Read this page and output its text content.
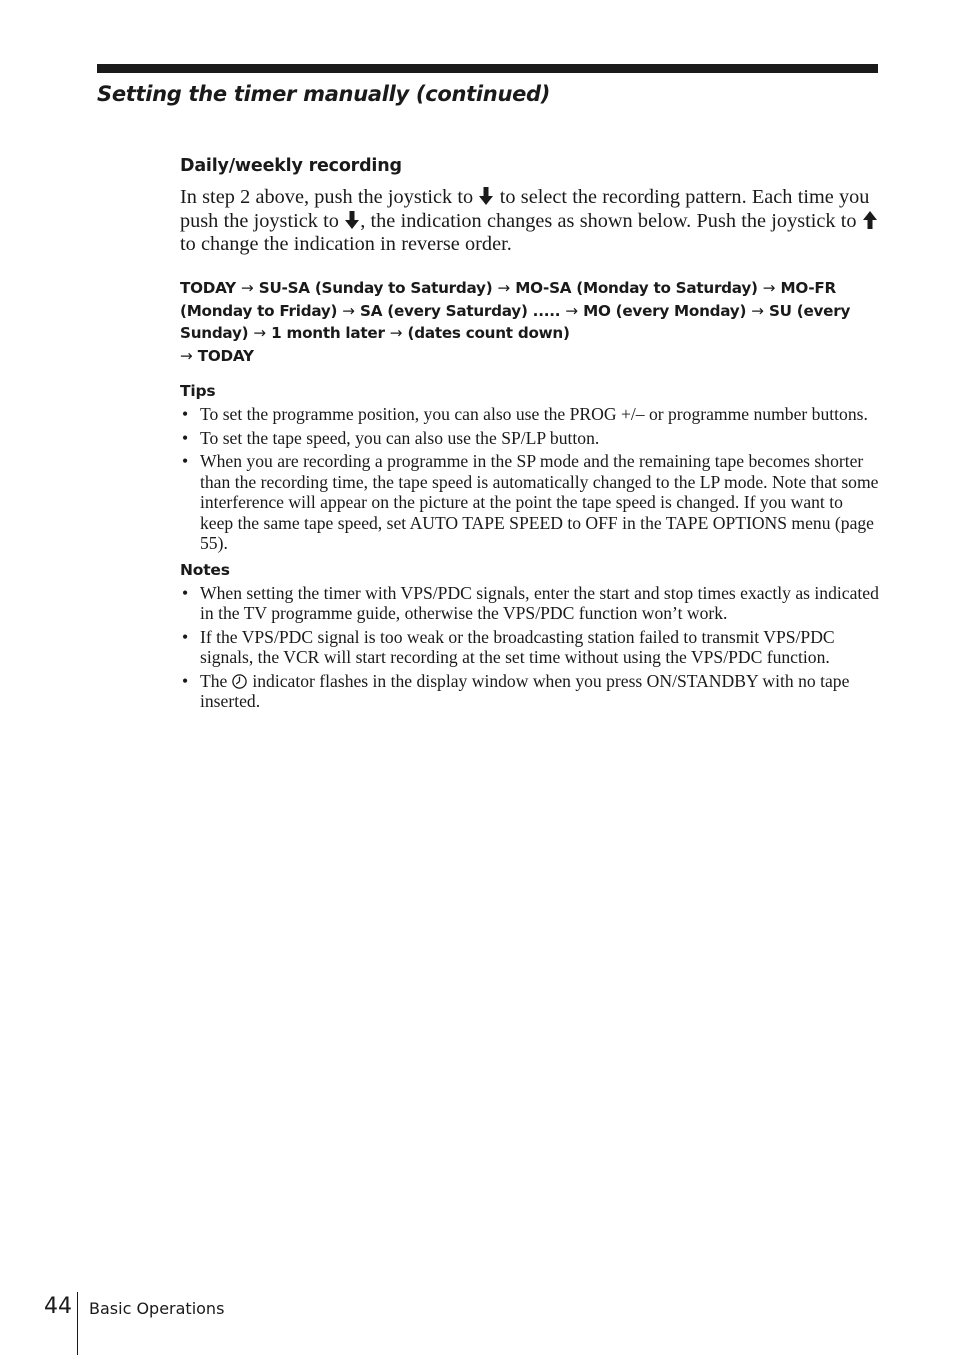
Setting the timer manually (continued)
Daily/weekly recording

In step 2 above, push the joystick to to select the recording pattern. Each time you push the joystick to , the indication changes as shown below. Push the joystick to  to change the indication in reverse order.

TODAY → SU-SA (Sunday to Saturday) → MO-SA (Monday to Saturday) → MO-FR (Monday to Friday) → SA (every Saturday) ..... → MO (every Monday) → SU (every Sunday) → 1 month later → (dates count down)
→ TODAY

Tips
• To set the programme position, you can also use the PROG +/– or programme number buttons.
• To set the tape speed, you can also use the SP/LP button.
• When you are recording a programme in the SP mode and the remaining tape becomes shorter than the recording time, the tape speed is automatically changed to the LP mode. Note that some interference will appear on the picture at the point the tape speed is changed. If you want to keep the same tape speed, set AUTO TAPE SPEED to OFF in the TAPE OPTIONS menu (page 55).
Notes
• When setting the timer with VPS/PDC signals, enter the start and stop times exactly as indicated in the TV programme guide, otherwise the VPS/PDC function won’t work.
• If the VPS/PDC signal is too weak or the broadcasting station failed to transmit VPS/PDC signals, the VCR will start recording at the set time without using the VPS/PDC function.
• The indicator flashes in the display window when you press ON/STANDBY with no tape inserted.
44 Basic Operations
